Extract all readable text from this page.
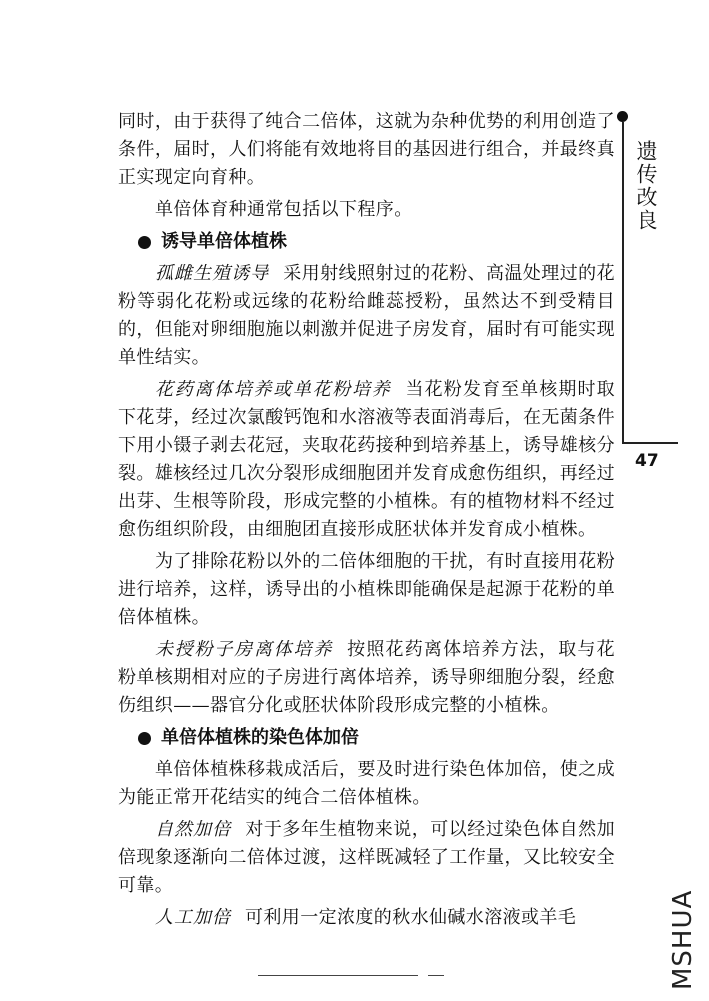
同时，由于获得了纯合二倍体，这就为杂种优势的利用创造了条件，届时，人们将能有效地将目的基因进行组合，并最终真正实现定向育种。

单倍体育种通常包括以下程序。

诱导单倍体植株

孤雌生殖诱导 采用射线照射过的花粉、高温处理过的花粉等弱化花粉或远缘的花粉给雌蕊授粉，虽然达不到受精目的，但能对卵细胞施以刺激并促进子房发育，届时有可能实现单性结实。

花药离体培养或单花粉培养 当花粉发育至单核期时取下花芽，经过次氯酸钙饱和水溶液等表面消毒后，在无菌条件下用小镊子剥去花冠，夹取花药接种到培养基上，诱导雄核分裂。雄核经过几次分裂形成细胞团并发育成愈伤组织，再经过出芽、生根等阶段，形成完整的小植株。有的植物材料不经过愈伤组织阶段，由细胞团直接形成胚状体并发育成小植株。

为了排除花粉以外的二倍体细胞的干扰，有时直接用花粉进行培养，这样，诱导出的小植株即能确保是起源于花粉的单倍体植株。

未授粉子房离体培养 按照花药离体培养方法，取与花粉单核期相对应的子房进行离体培养，诱导卵细胞分裂，经愈伤组织——器官分化或胚状体阶段形成完整的小植株。

单倍体植株的染色体加倍

单倍体植株移栽成活后，要及时进行染色体加倍，使之成为能正常开花结实的纯合二倍体植株。

自然加倍 对于多年生植物来说，可以经过染色体自然加倍现象逐渐向二倍体过渡，这样既减轻了工作量，又比较安全可靠。

人工加倍 可利用一定浓度的秋水仙碱水溶液或羊毛

遗传改良
47
MSHUA
